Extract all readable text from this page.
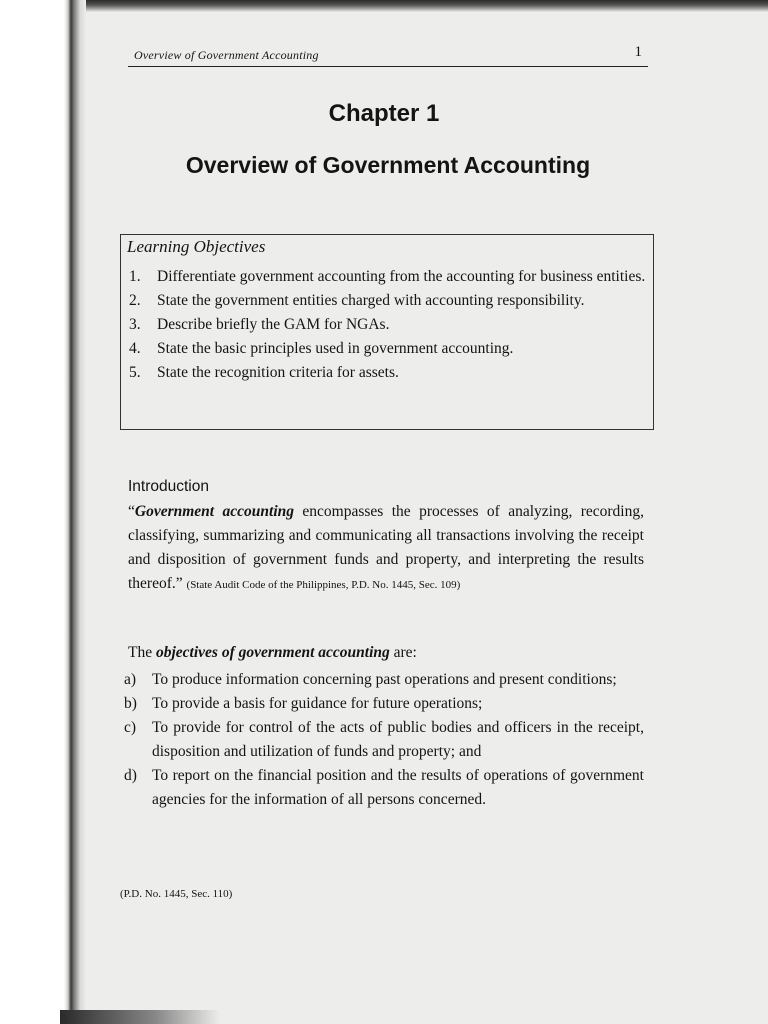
Overview of Government Accounting	1
Chapter 1
Overview of Government Accounting
Learning Objectives
1. Differentiate government accounting from the accounting for business entities.
2. State the government entities charged with accounting responsibility.
3. Describe briefly the GAM for NGAs.
4. State the basic principles used in government accounting.
5. State the recognition criteria for assets.
Introduction

“Government accounting encompasses the processes of analyzing, recording, classifying, summarizing and communicating all transactions involving the receipt and disposition of government funds and property, and interpreting the results thereof.” (State Audit Code of the Philippines, P.D. No. 1445, Sec. 109)

The objectives of government accounting are:
a) To produce information concerning past operations and present conditions;
b) To provide a basis for guidance for future operations;
c) To provide for control of the acts of public bodies and officers in the receipt, disposition and utilization of funds and property; and
d) To report on the financial position and the results of operations of government agencies for the information of all persons concerned.
(P.D. No. 1445, Sec. 110)
